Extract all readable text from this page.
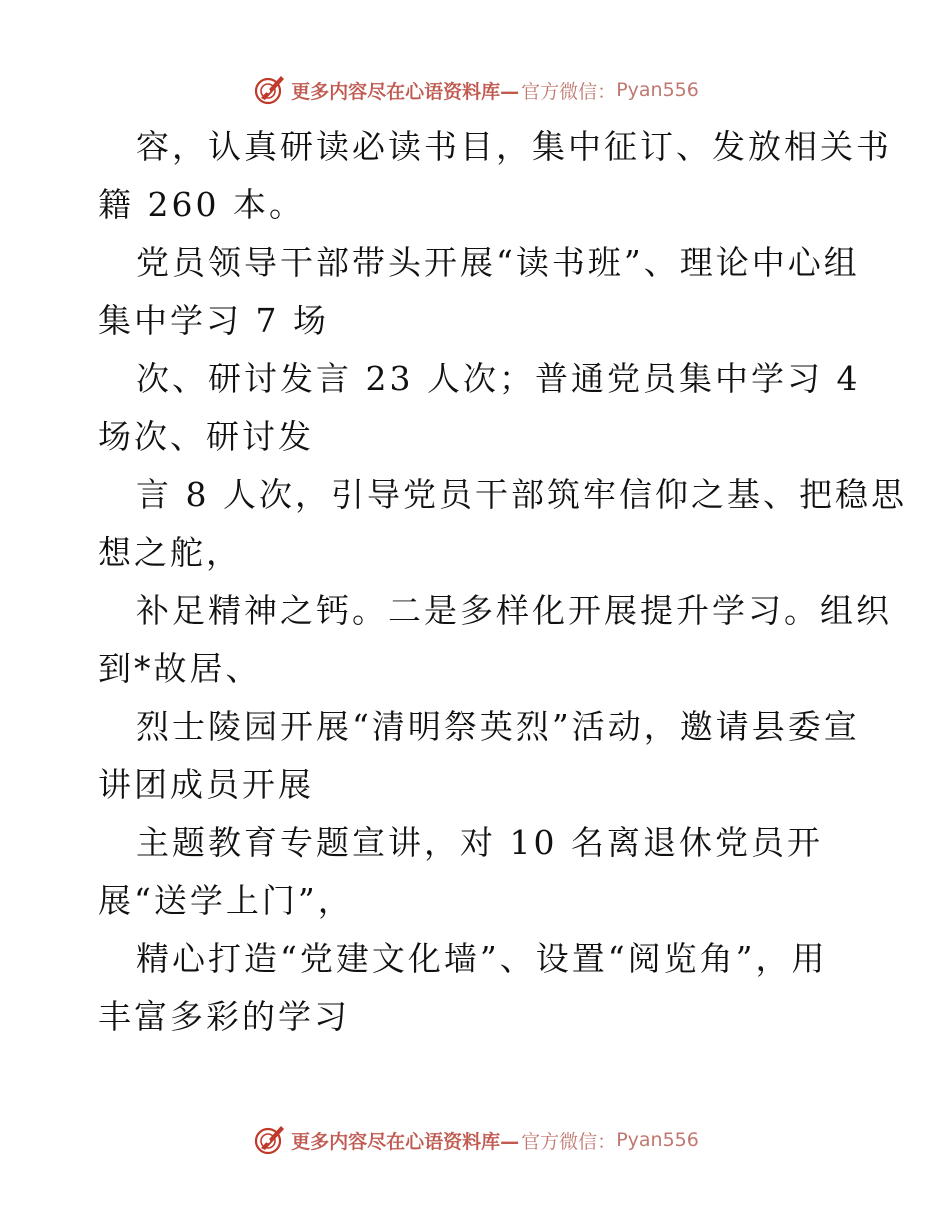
更多内容尽在心语资料库— 官方微信： Pyan556
容，认真研读必读书目，集中征订、发放相关书
籍 260 本。
党员领导干部带头开展“读书班”、理论中心组
集中学习 7 场
次、研讨发言 23 人次；普通党员集中学习 4
场次、研讨发
言 8 人次，引导党员干部筑牢信仰之基、把稳思
想之舵，
补足精神之钙。二是多样化开展提升学习。组织
到*故居、
烈士陵园开展“清明祭英烈”活动，邀请县委宣
讲团成员开展
主题教育专题宣讲，对 10 名离退休党员开
展“送学上门”，
精心打造“党建文化墙”、设置“阅览角”，用
丰富多彩的学习
更多内容尽在心语资料库— 官方微信： Pyan556
